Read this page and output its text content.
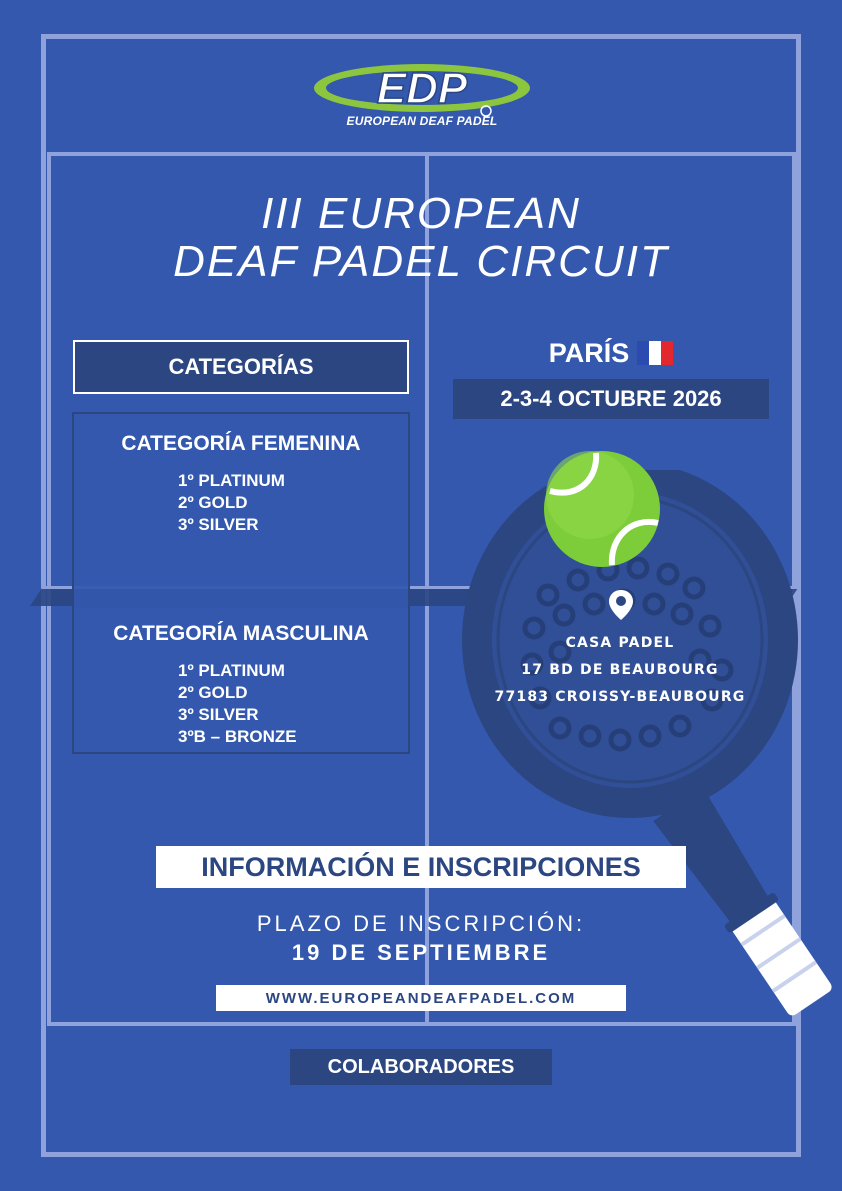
EDP
EUROPEAN DEAF PADEL
III EUROPEAN
DEAF PADEL CIRCUIT
CATEGORÍAS
CATEGORÍA FEMENINA
1º PLATINUM
2º GOLD
3º SILVER
CATEGORÍA MASCULINA
1º PLATINUM
2º GOLD
3º SILVER
3ºB – BRONZE
PARÍS
2-3-4 OCTUBRE 2026
CASA PADEL
17 BD DE BEAUBOURG
77183 CROISSY-BEAUBOURG
INFORMACIÓN E INSCRIPCIONES
PLAZO DE INSCRIPCIÓN:
19 DE SEPTIEMBRE
WWW.EUROPEANDEAFPADEL.COM
COLABORADORES
